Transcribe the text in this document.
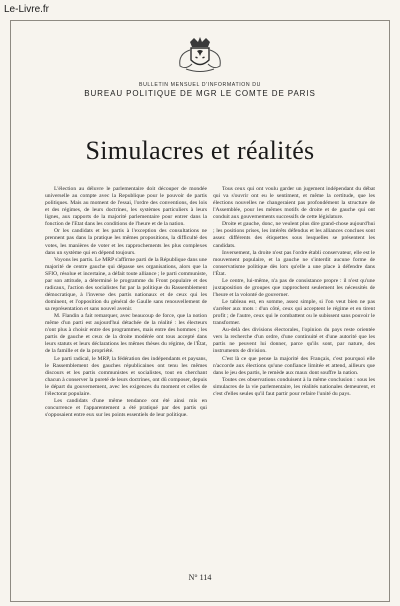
Le-Livre.fr
BULLETIN MENSUEL D'INFORMATION DU
BUREAU POLITIQUE DE MGR LE COMTE DE PARIS
Simulacres et réalités

L'élection au déluvre le parlementaire doit découper de mondée universelle au compte avec la Republique pour le pouvoir de partis politiques. Mais au moment de l'essai, l'ordre des conventions, des lois et des régimes, de leurs doctrines, les systèmes particuliers à leurs lignes, aux rapports de la majorité parlementaire pour entrer dans la fonction de l'Etat dans les conditions de l'heure et de la nation.

Or les candidats et les partis à l'exception des consultations ne prennent pas dans la pratique les mêmes propositions, la difficulté des votes, les manières de voter et les rapprochements les plus complexes dans un système qui en dépend toujours.

Voyons les partis. Le MRP s'affirme parti de la République dans une majorité de centre gauche qui dépasse ses organisations, alors que la SFIO, résolue et incertaine, a défait toute alliance ; le parti communiste, par son attitude, a déterminé le programme du Front populaire et des radicaux, l'action des socialistes fut par la politique du Rassemblement démocratique, à l'inverse des partis nationaux et de ceux qui les dominent, et l'opposition du général de Gaulle sans renouvellement de sa représentation et sans nouvel avenir.

M. Flandin a fait remarquer, avec beaucoup de force, que la notion même d'un parti est aujourd'hui détachée de la réalité : les électeurs n'ont plus à choisir entre des programmes, mais entre des hommes ; les partis de gauche et ceux de la droite modérée ont tous accepté dans leurs statuts et leurs déclarations les mêmes thèses du régime, de l'État, de la famille et de la propriété.

Le parti radical, le MRP, la fédération des indépendants et paysans, le Rassemblement des gauches républicaines ont tenu les mêmes discours et les partis communistes et socialistes, tout en cherchant chacun à conserver la pureté de leurs doctrines, ont dû composer, depuis le départ du gouvernement, avec les exigences du moment et celles de l'électorat populaire.

Les candidats d'une même tendance ont été ainsi mis en concurrence et l'apparentement a été pratiqué par des partis qui s'opposaient entre eux sur les points essentiels de leur politique.

Tous ceux qui ont voulu garder un jugement indépendant du débat qui va s'ouvrir ont eu le sentiment, et même la certitude, que les élections nouvelles ne changeraient pas profondément la structure de l'Assemblée, pour les mêmes motifs de droite et de gauche qui ont conduit aux gouvernements successifs de cette législature.

Droite et gauche, donc, ne veulent plus dire grand-chose aujourd'hui ; les positions prises, les intérêts défendus et les alliances conclues sont assez différents des étiquettes sous lesquelles se présentent les candidats.

Inversement, la droite n'est pas l'ordre établi conservateur, elle est le mouvement populaire, et la gauche ne s'interdit aucune forme de conservatisme politique dès lors qu'elle a une place à défendre dans l'État.

Le centre, lui-même, n'a pas de consistance propre : il n'est qu'une juxtaposition de groupes que rapprochent seulement les nécessités de l'heure et la volonté de gouverner.

Le tableau est, en somme, assez simple, si l'on veut bien ne pas s'arrêter aux mots : d'un côté, ceux qui acceptent le régime et en tirent profit ; de l'autre, ceux qui le combattent ou le subissent sans pouvoir le transformer.

Au-delà des divisions électorales, l'opinion du pays reste orientée vers la recherche d'un ordre, d'une continuité et d'une autorité que les partis ne peuvent lui donner, parce qu'ils sont, par nature, des instruments de division.

C'est là ce que pense la majorité des Français, c'est pourquoi elle n'accorde aux élections qu'une confiance limitée et attend, ailleurs que dans le jeu des partis, le remède aux maux dont souffre la nation.

Toutes ces observations conduisent à la même conclusion : sous les simulacres de la vie parlementaire, les réalités nationales demeurent, et c'est d'elles seules qu'il faut partir pour refaire l'unité du pays.

N° 114
